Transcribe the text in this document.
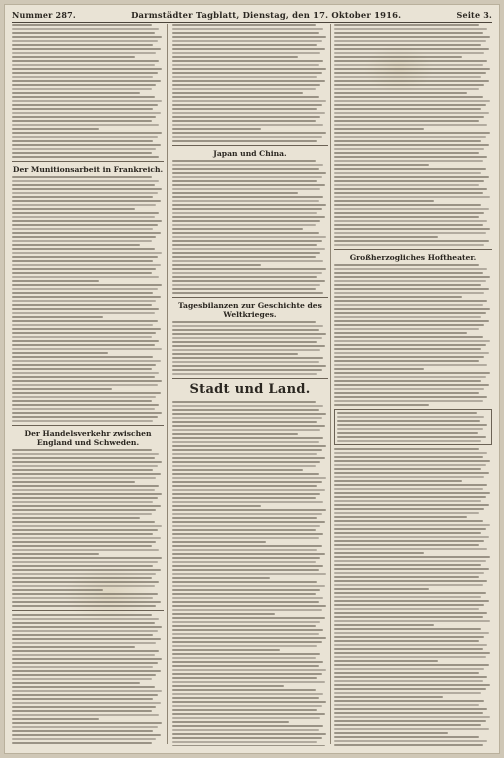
Nummer 287.	Darmstädter Tagblatt, Dienstag, den 17. Oktober 1916.	Seite 3.
Der Munitionsarbeit in Frankreich.
Der Handelsverkehr zwischen England und Schweden.
Japan und China.
Tagesbilanzen zur Geschichte des Weltkrieges.
Stadt und Land.
Großherzogliches Hoftheater.
